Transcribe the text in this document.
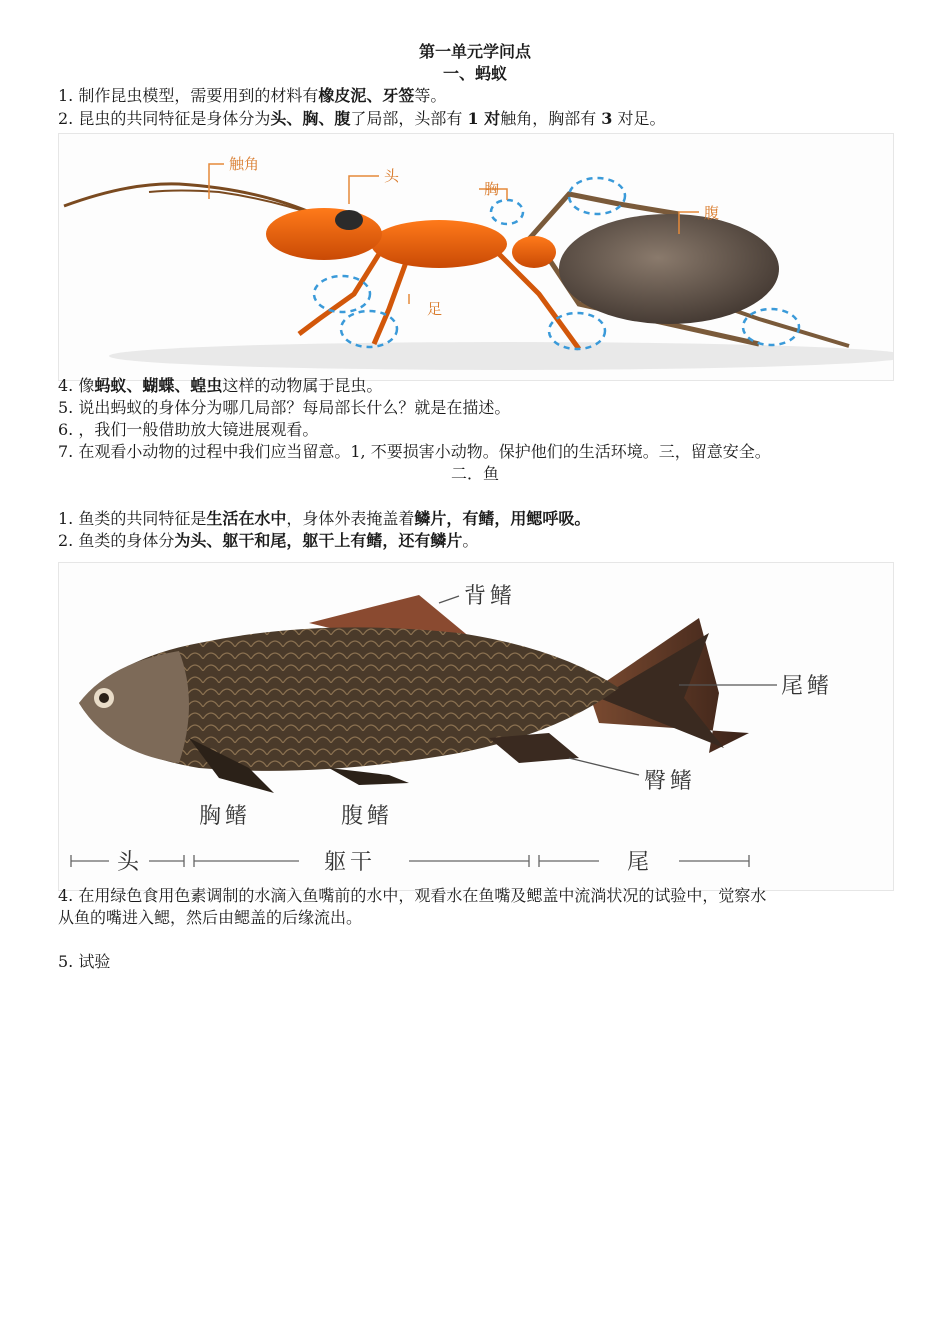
第一单元学问点
一、蚂蚁
1. 制作昆虫模型，需要用到的材料有橡皮泥、牙签等。
2. 昆虫的共同特征是身体分为头、胸、腹了局部，头部有 1 对触角，胸部有 3 对足。
触角
头
胸
腹
足
4. 像蚂蚁、蝴蝶、蝗虫这样的动物属于昆虫。
5. 说出蚂蚁的身体分为哪几局部？每局部长什么？就是在描述。
6. ，我们一般借助放大镜进展观看。
7. 在观看小动物的过程中我们应当留意。1, 不要损害小动物。保护他们的生活环境。三，留意安全。
二．鱼
1. 鱼类的共同特征是生活在水中，身体外表掩盖着鳞片，有鳍，用鳃呼吸。
2. 鱼类的身体分为头、躯干和尾，躯干上有鳍，还有鳞片。
背鳍
尾鳍
臀鳍
胸鳍	腹鳍
头	躯干	尾
4. 在用绿色食用色素调制的水滴入鱼嘴前的水中，观看水在鱼嘴及鳃盖中流淌状况的试验中，觉察水
从鱼的嘴进入鳃，然后由鳃盖的后缘流出。
5. 试验
